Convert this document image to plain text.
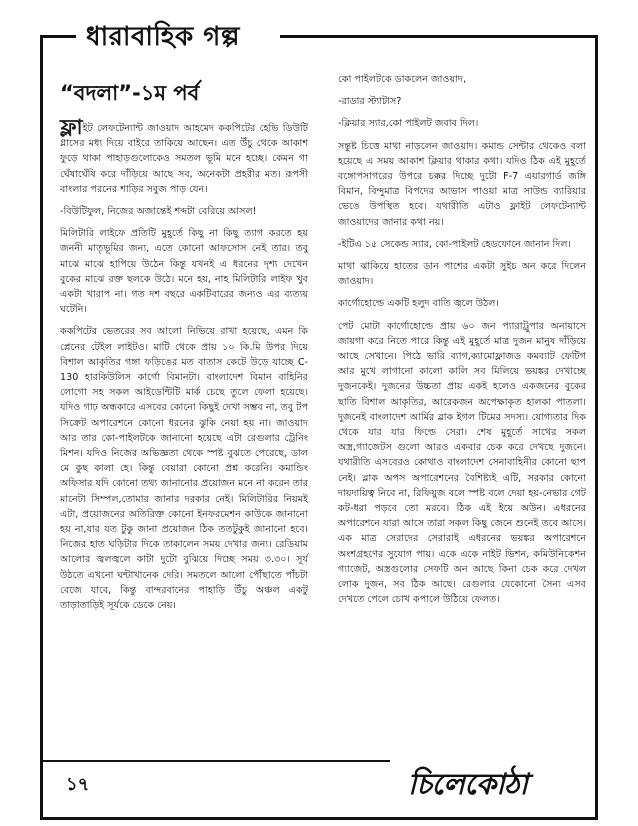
ধারাবাহিক গল্প
“বদলা”-১ম পর্ব

ফ্লাইট লেফটেন্যান্ট জাওয়াদ আহমেদ ককপিটের হেভি ডিউটি গ্লাসের মধ্য দিয়ে বাইরে তাকিয়ে আছেন। এত উঁচু থেকে আকাশ ফুড়ে থাকা পাহাড়গুলোকেও সমতল ভূমি মনে হচ্ছে। কেমন গা ঘেঁষাঘেঁষি করে দাঁড়িয়ে আছে সব, অনেকটা প্রহরীর মত। রূপসী বাংলার পরনের শাড়ির সবুজ পাড় যেন।

-বিউটিফুল, নিজের অজান্তেই শব্দটা বেরিয়ে আসল!

মিলিটারি লাইফে প্রতিটি মুহূর্তে কিছু না কিছু ত্যাগ করতে হয় জননী মাতৃভূমির জন্য, এতে কোনো আফসোস নেই তার। তবু মাঝে মাঝে হাপিয়ে উঠেন কিন্তু যখনই এ ধরনের দৃশ্য দেখেন বুকের মাঝে রক্ত ছলকে উঠে। মনে হয়, নাহ মিলিটারি লাইফ খুব একটা খারাপ না। গত দশ বছরে একটিবারের জন্যও এর ব্যত্যয় ঘটেনি।

ককপিটের ভেতরের সব আলো নিভিয়ে রাখা হয়েছে, এমন কি প্লেনের টেইল লাইটও। মাটি থেকে প্রায় ১০ কি.মি উপর দিয়ে বিশাল আকৃতির গঙ্গা ফড়িঙের মত বাতাস কেটে উড়ে যাচ্ছে C-130 হারকিউলিস কার্গো বিমানটা। বাংলাদেশ বিমান বাহিনির লোগো সহ সকল আইডেন্টিটি মার্ক চেছে তুলে ফেলা হয়েছে। যদিও গাঢ় অন্ধকারে এসবের কোনো কিছুই দেখা সম্ভব না, তবু টপ সিক্রেট অপারেশনে কোনো ধরনের ঝুকি নেয়া হয় না। জাওয়াদ আর তার কো-পাইলটকে জানানো হয়েছে এটা রেগুলার ট্রেনিং মিশন। যদিও নিজের অভিজ্ঞতা থেকে স্পষ্ট বুঝতে পেরেছে, ডাল মে কুছ কালা হে। কিন্তু বেয়ারা কোনো প্রশ্ন করেনি। কমান্ডিং অফিসার যদি কোনো তথ্য জানানোর প্রয়োজন মনে না করেন তার মানেটা সিম্পল,তোমার জানার দরকার নেই। মিলিটারির নিয়মই এটা, প্রয়োজনের অতিরিক্ত কোনো ইনফরমেশন কাউকে জানানো হয় না,যার যত টুকু জানা প্রয়োজন ঠিক ততটুকুই জানানো হবে। নিজের হাত ঘড়িটার দিকে তাকালেন সময় দেখার জন্য। রেডিয়াম আলোর জ্বলজ্বলে কাটা দুটো বুঝিয়ে দিচ্ছে সময় ৩.৩০। সূর্য উঠতে এখনো ঘন্টাখানেক দেরি। সমতলে আলো পৌঁছাতে পাঁচটা বেজে যাবে, কিন্তু বান্দরবানের পাহাড়ি উঁচু অঞ্চল একটু তাড়াতাড়িই সূর্যকে ডেকে নেয়।

কো পাইলটকে ডাকলেন জাওয়াদ,

-রাডার স্ট্যাটাস?

-ক্লিয়ার স্যার,কো পাইলট জবাব দিল।

সন্তুষ্ট চিত্তে মাথা নাড়লেন জাওয়াদ। কমান্ড সেন্টার থেকেও বলা হয়েছে এ সময় আকাশ ক্লিয়ার থাকার কথা। যদিও ঠিক এই মুহূর্তে বঙ্গোপসাগরের উপরে চক্কর দিচ্ছে দুটো F-7 এয়ারগার্ড জঙ্গি বিমান, বিন্দুমাত্র বিপদের আভাস পাওয়া মাত্র সাউন্ড ব্যারিয়ার ভেঙে উপস্থিত হবে। যথারীতি এটাও ফ্লাইট লেফটেন্যান্ট জাওয়াদের জানার কথা নয়।

-ইটিএ ১৫ সেকেন্ড স্যার, কো-পাইলট হেডফোনে জানান দিল।

মাথা ঝাকিয়ে হাতের ডান পাশের একটা সুইচ অন করে দিলেন জাওয়াদ।

কার্গোহোল্ডে একটি হলুদ বাতি জ্বলে উঠল।

পেট মোটা কার্গোহোল্ডে প্রায় ৬০ জন প্যারাট্রুপার অনায়াসে জায়গা করে নিতে পারে কিন্তু এই মুহূর্তে মাত্র দুজন মানুষ দাঁড়িয়ে আছে সেখানে। পিঠে ভারি ব্যাগ,ক্যামোফ্লাজড কমব্যাট ফেটিগ আর মুখে লাগানো কালো কালি সব মিলিয়ে ভয়ঙ্কর দেখাচ্ছে দুজনকেই। দুজনের উচ্চতা প্রায় একই হলেও একজনের বুকের ছাতি বিশাল আকৃতির, আরেকজন অপেক্ষাকৃত হালকা পাতলা। দুজনেই বাংলাদেশ আর্মির ব্লাক ইগল টিমের সদস্য। যোগ্যতার দিক থেকে যার যার ফিল্ডে সেরা। শেষ মুহূর্তে সাথের সকল অস্ত্র,গ্যাজেটস গুলো আরও একবার চেক করে দেখছে দুজনে। যথারীতি এসবেরও কোথাও বাংলাদেশ সেনাবাহিনীর কোনো ছাপ নেই। ব্লাক অপস অপারেশনের বৈশিষ্ট্যই এটি, সরকার কোনো দায়দায়িত্ব নিবে না, রিফিয়ুজ বলে স্পষ্ট বলে দেয়া হয়-নেভার গেট কট-ধরা পড়বে তো মরবে। ঠিক এই ইয়ে অউন। এধরনের অপারেশনে যারা আসে তারা সকল কিছু জেনে শুনেই তবে আসে। এক মাত্র সেরাদের সেরারাই এধরনের ভয়ঙ্কর অপারেশনে অংশগ্রহণের সুযোগ পায়। একে একে নাইট ভিশন, কমিউনিকেশন গ্যাজেট, অস্ত্রগুলোর সেফটি অন আছে কিনা চেক করে দেখল লোক দুজন, সব ঠিক আছে। রেগুলার যেকোনো সৈন্য এসব দেখতে পেলে চোখ কপালে উঠিয়ে ফেলত।

১৭	চিলেকোঠা
